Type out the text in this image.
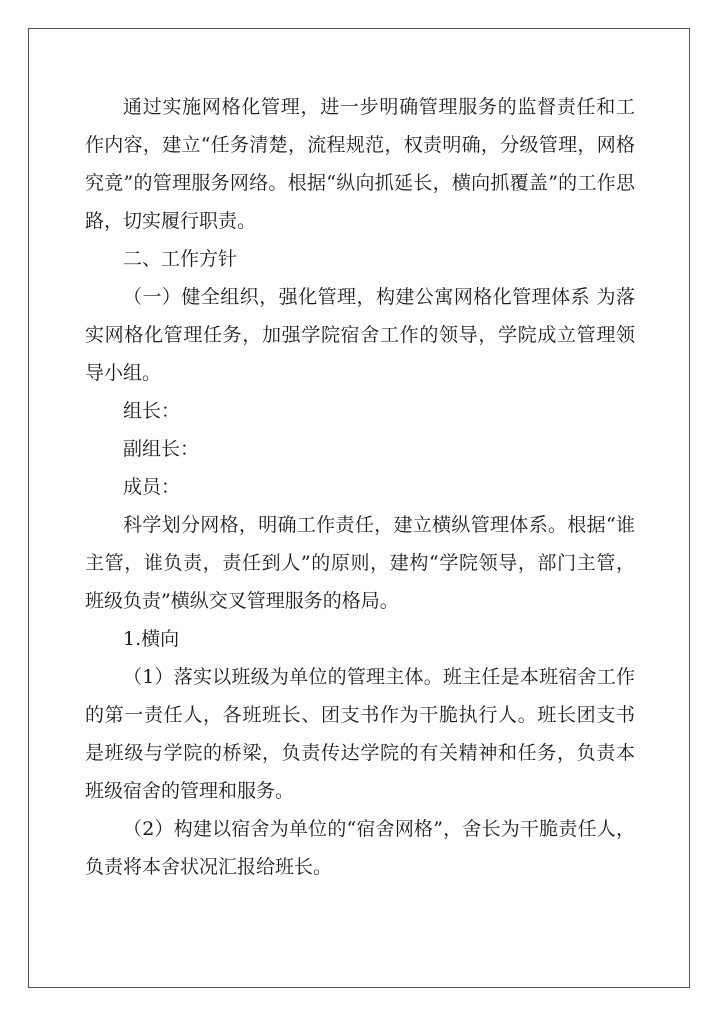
通过实施网格化管理，进一步明确管理服务的监督责任和工作内容，建立“任务清楚，流程规范，权责明确，分级管理，网格究竟”的管理服务网络。根据“纵向抓延长，横向抓覆盖”的工作思路，切实履行职责。

二、工作方针

（一）健全组织，强化管理，构建公寓网格化管理体系 为落实网格化管理任务，加强学院宿舍工作的领导，学院成立管理领导小组。

组长：

副组长：

成员：

科学划分网格，明确工作责任，建立横纵管理体系。根据“谁主管，谁负责，责任到人”的原则，建构“学院领导，部门主管，班级负责”横纵交叉管理服务的格局。

1.横向

（1）落实以班级为单位的管理主体。班主任是本班宿舍工作的第一责任人，各班班长、团支书作为干脆执行人。班长团支书是班级与学院的桥梁，负责传达学院的有关精神和任务，负责本班级宿舍的管理和服务。

（2）构建以宿舍为单位的“宿舍网格”，舍长为干脆责任人，负责将本舍状况汇报给班长。
